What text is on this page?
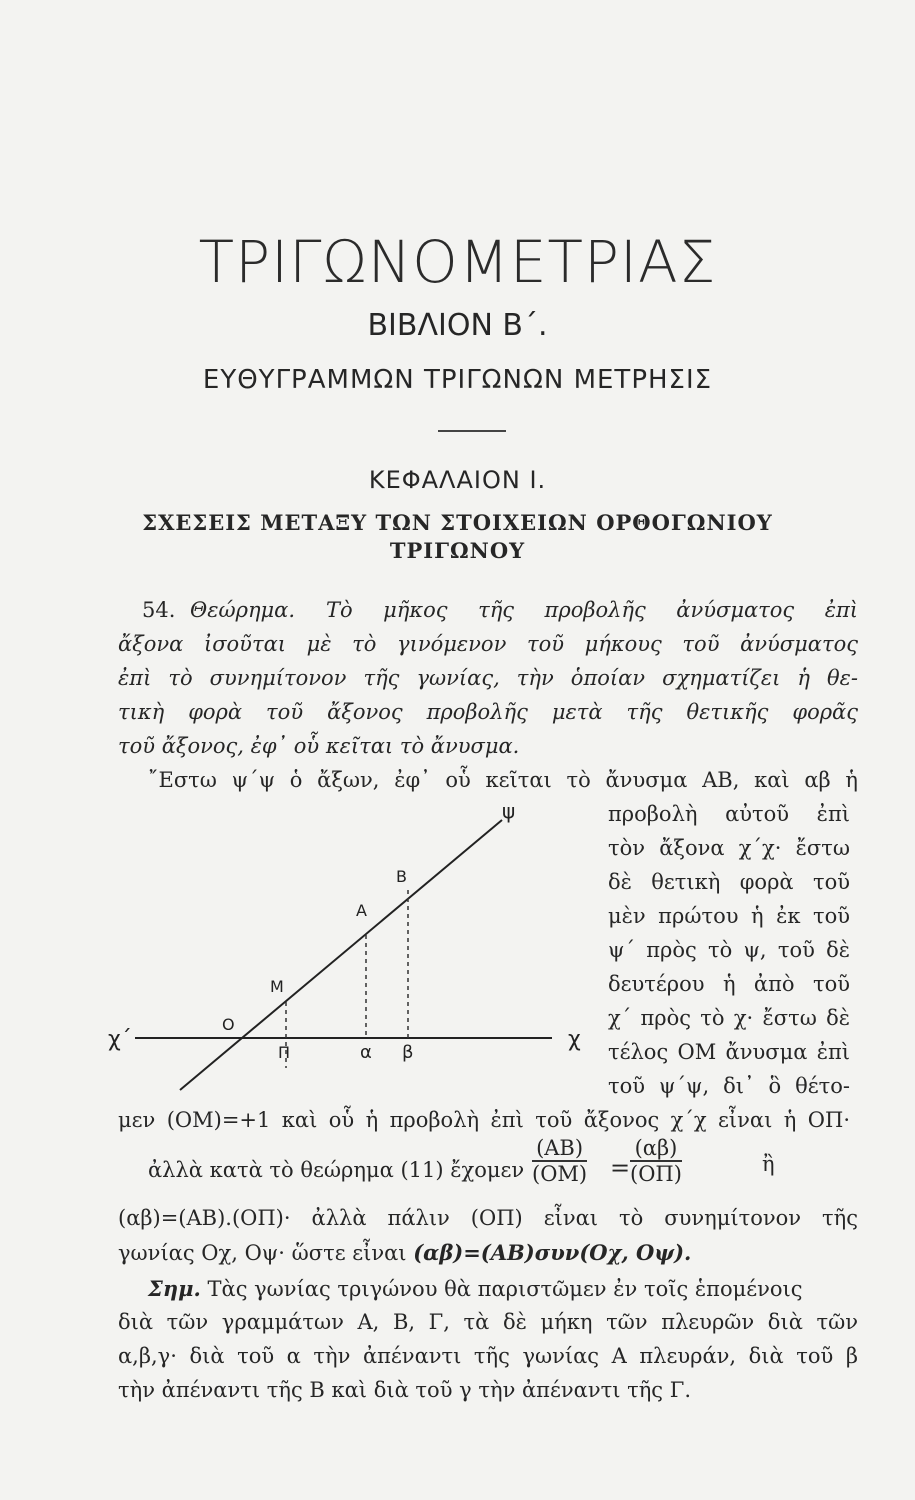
ΤΡΙΓΩΝΟΜΕΤΡΙΑΣ
ΒΙΒΛΙΟΝ Β΄.
ΕΥΘΥΓΡΑΜΜΩΝ ΤΡΙΓΩΝΩΝ ΜΕΤΡΗΣΙΣ
ΚΕΦΑΛΑΙΟΝ Ι.
ΣΧΕΣΕΙΣ ΜΕΤΑΞΥ ΤΩΝ ΣΤΟΙΧΕΙΩΝ ΟΡΘΟΓΩΝΙΟΥ
ΤΡΙΓΩΝΟΥ
54. Θεώρημα. Τὸ μῆκος τῆς προβολῆς ἀνύσματος ἐπὶ
ἄξονα ἰσοῦται μὲ τὸ γινόμενον τοῦ μήκους τοῦ ἀνύσματος
ἐπὶ τὸ συνημίτονον τῆς γωνίας, τὴν ὁποίαν σχηματίζει ἡ θε-
τικὴ φορὰ τοῦ ἄξονος προβολῆς μετὰ τῆς θετικῆς φορᾶς
τοῦ ἄξονος, ἐφ᾿ οὗ κεῖται τὸ ἄνυσμα.
῎Εστω ψ΄ψ ὁ ἄξων, ἐφ᾿ οὗ κεῖται τὸ ἄνυσμα ΑΒ, καὶ αβ ἡ
προβολὴ αὐτοῦ ἐπὶ
τὸν ἄξονα χ΄χ· ἔστω
δὲ θετικὴ φορὰ τοῦ
μὲν πρώτου ἡ ἐκ τοῦ
ψ΄ πρὸς τὸ ψ, τοῦ δὲ
δευτέρου ἡ ἀπὸ τοῦ
χ΄ πρὸς τὸ χ· ἔστω δὲ
τέλος ΟΜ ἄνυσμα ἐπὶ
τοῦ ψ΄ψ, δι᾿ ὃ θέτο-
μεν (ΟΜ)=+1 καὶ οὗ ἡ προβολὴ ἐπὶ τοῦ ἄξονος χ΄χ εἶναι ἡ ΟΠ·
ἀλλὰ κατὰ τὸ θεώρημα (11) ἔχομεν $\frac{(AB)}{(OM)} = \frac{(\alpha\beta)}{(O\Pi)}$	ἢ
(αβ)=(ΑΒ).(ΟΠ)· ἀλλὰ πάλιν (ΟΠ) εἶναι τὸ συνημίτονον τῆς
γωνίας Οχ, Οψ· ὥστε εἶναι (αβ)=(ΑΒ)συν(Οχ, Οψ).
Σημ. Τὰς γωνίας τριγώνου θὰ παριστῶμεν ἐν τοῖς ἑπομένοις
διὰ τῶν γραμμάτων Α, Β, Γ, τὰ δὲ μήκη τῶν πλευρῶν διὰ τῶν
α,β,γ· διὰ τοῦ α τὴν ἀπέναντι τῆς γωνίας Α πλευράν, διὰ τοῦ β
τὴν ἀπέναντι τῆς Β καὶ διὰ τοῦ γ τὴν ἀπέναντι τῆς Γ.
ψ
B
A
M
O
χ΄	χ
Π	α β
